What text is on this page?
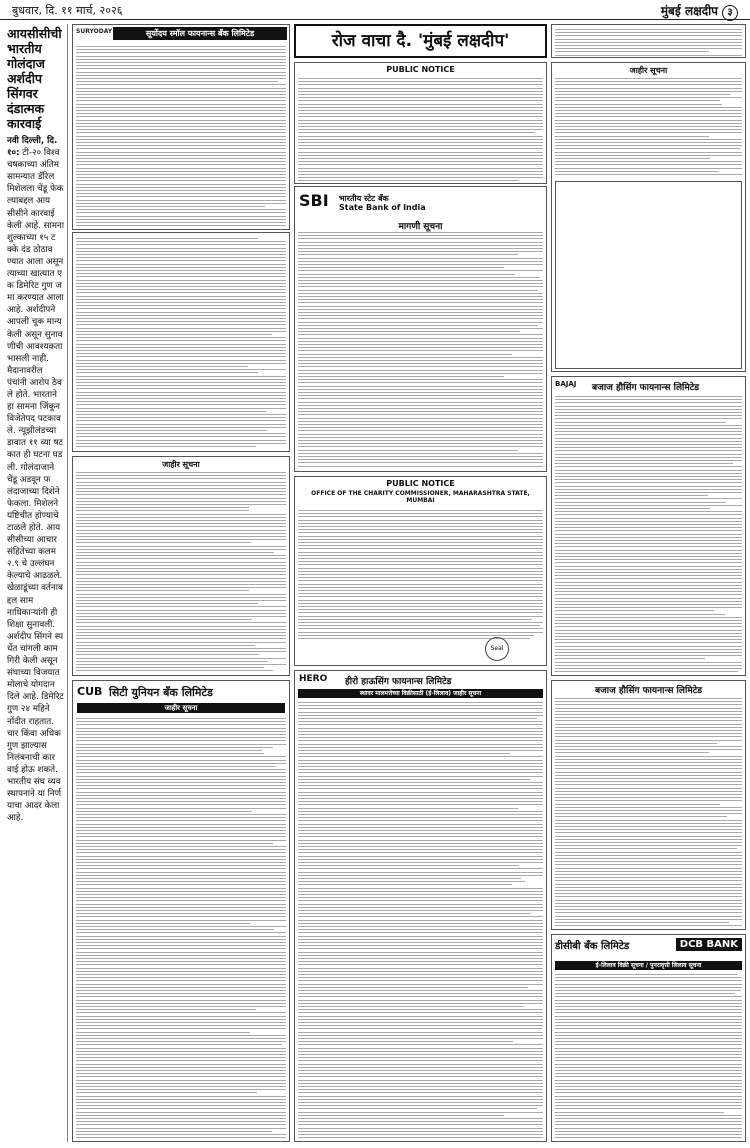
बुधवार, दि. ११ मार्च, २०२६	मुंबई लक्षदीप ३
आयसीसीची भारतीय गोलंदाज अर्शदीप सिंगवर दंडात्मक कारवाई
नवी दिल्ली, दि. १०: टी-२० विश्वचषकाच्या अंतिम सामन्यात डॅरिल मिशेलला चेंडू फेकल्याबद्दल आयसीसीने कारवाई केली आहे. सामना शुल्काच्या १५ टक्के दंड ठोठावण्यात आला असून त्याच्या खात्यात एक डिमेरिट गुण जमा करण्यात आला आहे. अर्शदीपने आपली चूक मान्य केली असून सुनावणीची आवश्यकता भासली नाही. मैदानावरील पंचांनी आरोप ठेवले होते. भारताने हा सामना जिंकून विजेतेपद पटकावले. न्यूझीलंडच्या डावात ११ व्या षटकात ही घटना घडली. गोलंदाजाने चेंडू अडवून फलंदाजाच्या दिशेने फेकला. मिशेलने यष्टिचीत होण्याचे टाळले होते. आयसीसीच्या आचारसंहितेच्या कलम २.९ चे उल्लंघन केल्याचे आढळले. खेळाडूंच्या वर्तनाबद्दल सामनाधिकाऱ्यांनी ही शिक्षा सुनावली. अर्शदीप सिंगने स्पर्धेत चांगली कामगिरी केली असून संघाच्या विजयात मोलाचे योगदान दिले आहे. डिमेरिट गुण २४ महिने नोंदीत राहतात. चार किंवा अधिक गुण झाल्यास निलंबनाची कारवाई होऊ शकते. भारतीय संघ व्यवस्थापनाने या निर्णयाचा आदर केला आहे.
सूर्योदय स्मॉल फायनान्स बँक लिमिटेड
SURYODAY	रोज वाचा दै. 'मुंबई लक्षदीप'
PUBLIC NOTICE
SBI भारतीय स्टेट बँक
State Bank of India
मागणी सूचना
PUBLIC NOTICE
OFFICE OF THE CHARITY COMMISSIONER, MAHARASHTRA STATE, MUMBAI
Seal
जाहीर सूचना
CUB सिटी युनियन बँक लिमिटेड
जाहीर सूचना
HERO हीरो हाऊसिंग फायनान्स लिमिटेड
स्थावर मालमत्तेच्या विक्रीसाठी (ई-लिलाव) जाहीर सूचना
जाहीर सूचना
BAJAJ बजाज हौसिंग फायनान्स लिमिटेड
बजाज हौसिंग फायनान्स लिमिटेड
डीसीबी बँक लिमिटेड	DCB BANK
ई-लिलाव विक्री सूचना / पुनरावृत्ती लिलाव सूचना
